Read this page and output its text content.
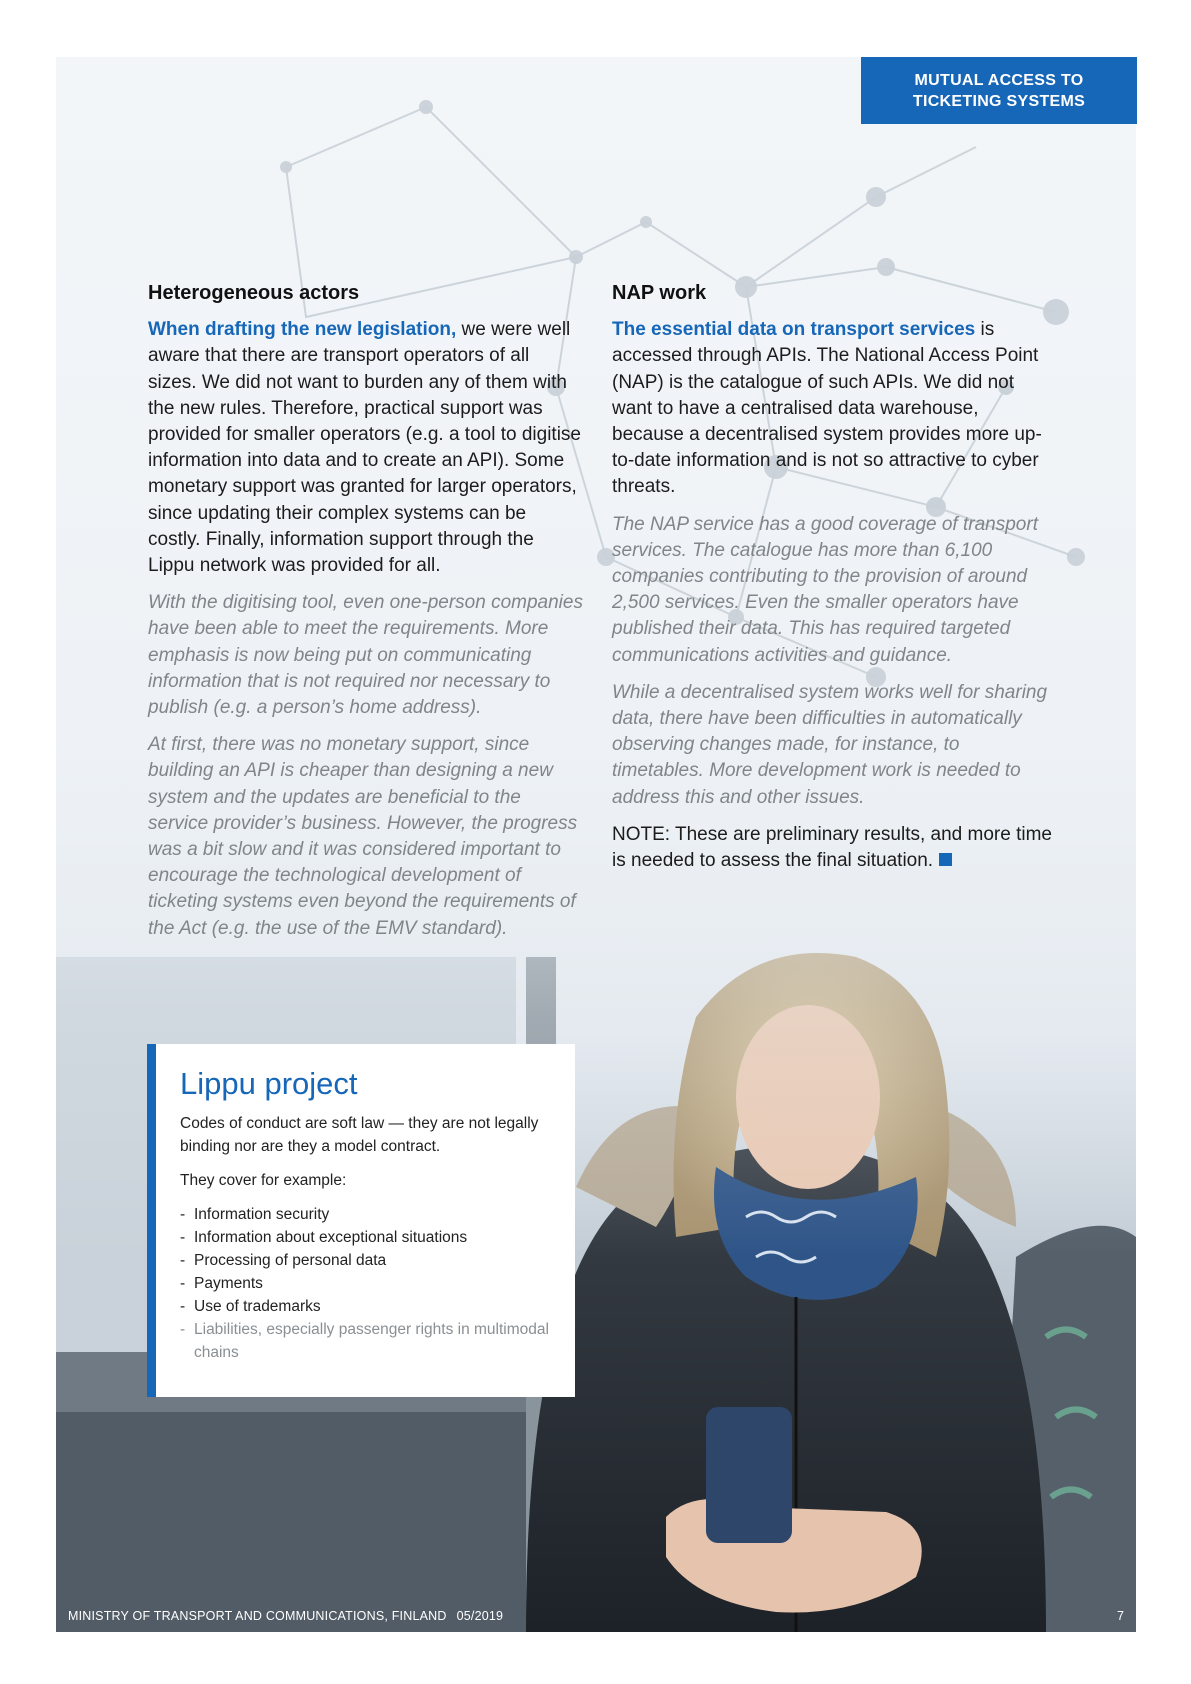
MUTUAL ACCESS TO
TICKETING SYSTEMS
Heterogeneous actors

When drafting the new legislation, we were well aware that there are transport operators of all sizes. We did not want to burden any of them with the new rules. Therefore, practical support was provided for smaller operators (e.g. a tool to digitise information into data and to create an API). Some monetary support was granted for larger operators, since updating their complex systems can be costly. Finally, information support through the Lippu network was provided for all.

With the digitising tool, even one-person companies have been able to meet the requirements. More emphasis is now being put on communicating information that is not required nor necessary to publish (e.g. a person’s home address).

At first, there was no monetary support, since building an API is cheaper than designing a new system and the updates are beneficial to the service provider’s business. However, the progress was a bit slow and it was considered important to encourage the technological development of ticketing systems even beyond the requirements of the Act (e.g. the use of the EMV standard).

NAP work

The essential data on transport services is accessed through APIs. The National Access Point (NAP) is the catalogue of such APIs. We did not want to have a centralised data warehouse, because a decentralised system provides more up-to-date information and is not so attractive to cyber threats.

The NAP service has a good coverage of transport services. The catalogue has more than 6,100 companies contributing to the provision of around 2,500 services. Even the smaller operators have published their data. This has required targeted communications activities and guidance.

While a decentralised system works well for sharing data, there have been difficulties in automatically observing changes made, for instance, to timetables. More development work is needed to address this and other issues.

NOTE: These are preliminary results, and more time is needed to assess the final situation.

Lippu project

Codes of conduct are soft law — they are not legally binding nor are they a model contract.

They cover for example:

- Information security
- Information about exceptional situations
- Processing of personal data
- Payments
- Use of trademarks
- Liabilities, especially passenger rights in multimodal chains
MINISTRY OF TRANSPORT AND COMMUNICATIONS, FINLAND 05/2019	7
